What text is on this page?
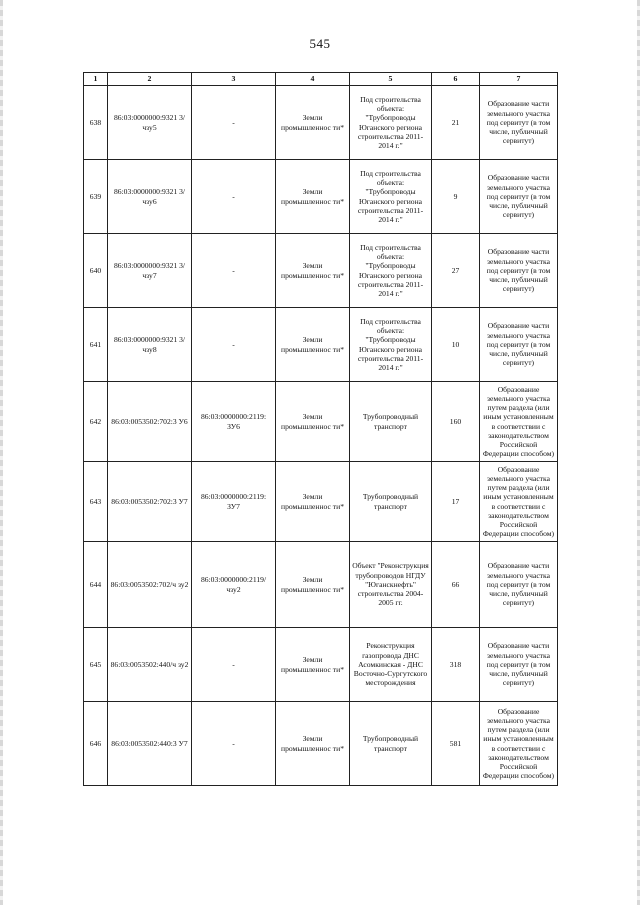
545
1	2	3	4	5	6	7
638	86:03:0000000:9321 3/чзу5	-	Земли промышленнос ти*	Под строительства объекта: "Трубопроводы Юганского региона строительства 2011-2014 г."	21	Образование части земельного участка под сервитут (в том числе, публичный сервитут)
639	86:03:0000000:9321 3/чзу6	-	Земли промышленнос ти*	Под строительства объекта: "Трубопроводы Юганского региона строительства 2011-2014 г."	9	Образование части земельного участка под сервитут (в том числе, публичный сервитут)
640	86:03:0000000:9321 3/чзу7	-	Земли промышленнос ти*	Под строительства объекта: "Трубопроводы Юганского региона строительства 2011-2014 г."	27	Образование части земельного участка под сервитут (в том числе, публичный сервитут)
641	86:03:0000000:9321 3/чзу8	-	Земли промышленнос ти*	Под строительства объекта: "Трубопроводы Юганского региона строительства 2011-2014 г."	10	Образование части земельного участка под сервитут (в том числе, публичный сервитут)
642	86:03:0053502:702:3 У6	86:03:0000000:2119: ЗУ6	Земли промышленнос ти*	Трубопроводный транспорт	160	Образование земельного участка путем раздела (или иным установленным в соответствии с законодательством Российской Федерации способом)
643	86:03:0053502:702:3 У7	86:03:0000000:2119: ЗУ7	Земли промышленнос ти*	Трубопроводный транспорт	17	Образование земельного участка путем раздела (или иным установленным в соответствии с законодательством Российской Федерации способом)
644	86:03:0053502:702/ч зу2	86:03:0000000:2119/ чзу2	Земли промышленнос ти*	Объект "Реконструкция трубопроводов НГДУ "Юганскнефть" строительства 2004-2005 гг.	66	Образование части земельного участка под сервитут (в том числе, публичный сервитут)
645	86:03:0053502:440/ч зу2	-	Земли промышленнос ти*	Реконструкция газопровода ДНС Асомкинская - ДНС Восточно-Сургутского месторождения	318	Образование части земельного участка под сервитут (в том числе, публичный сервитут)
646	86:03:0053502:440:3 У7	-	Земли промышленнос ти*	Трубопроводный транспорт	581	Образование земельного участка путем раздела (или иным установленным в соответствии с законодательством Российской Федерации способом)
